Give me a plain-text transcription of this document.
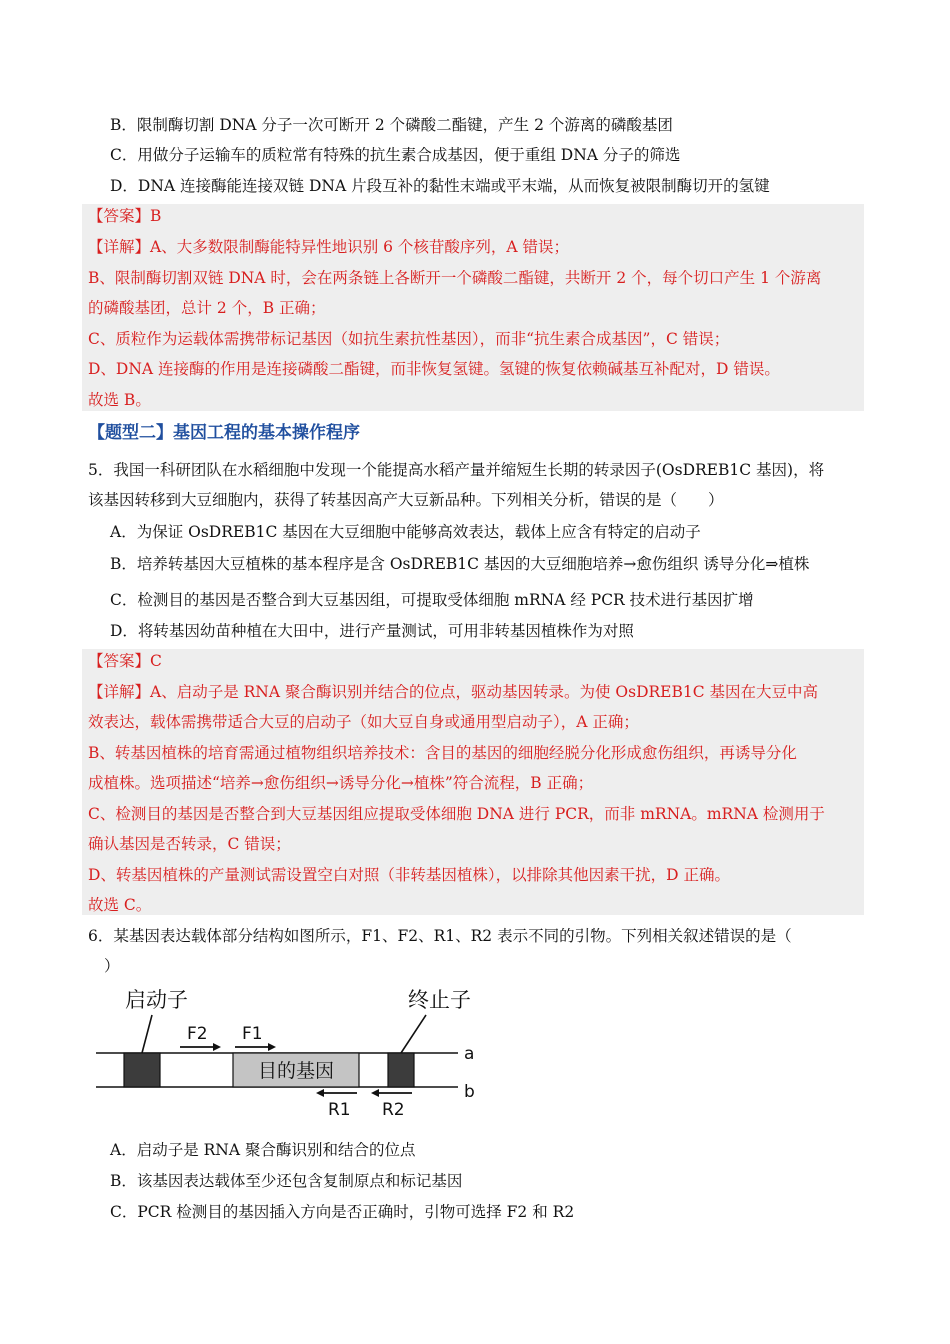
B．限制酶切割 DNA 分子一次可断开 2 个磷酸二酯键，产生 2 个游离的磷酸基团
C．用做分子运输车的质粒常有特殊的抗生素合成基因，便于重组 DNA 分子的筛选
D．DNA 连接酶能连接双链 DNA 片段互补的黏性末端或平末端，从而恢复被限制酶切开的氢键
【答案】B
【详解】A、大多数限制酶能特异性地识别 6 个核苷酸序列，A 错误；
B、限制酶切割双链 DNA 时，会在两条链上各断开一个磷酸二酯键，共断开 2 个，每个切口产生 1 个游离
的磷酸基团，总计 2 个，B 正确；
C、质粒作为运载体需携带标记基因（如抗生素抗性基因），而非“抗生素合成基因”，C 错误；
D、DNA 连接酶的作用是连接磷酸二酯键，而非恢复氢键。氢键的恢复依赖碱基互补配对，D 错误。
故选 B。
【题型二】基因工程的基本操作程序
5．我国一科研团队在水稻细胞中发现一个能提高水稻产量并缩短生长期的转录因子(OsDREB1C 基因)，将
该基因转移到大豆细胞内，获得了转基因高产大豆新品种。下列相关分析，错误的是（　　）
A．为保证 OsDREB1C 基因在大豆细胞中能够高效表达，载体上应含有特定的启动子
B．培养转基因大豆植株的基本程序是含 OsDREB1C 基因的大豆细胞培养→愈伤组织 诱导分化⇒植株
C．检测目的基因是否整合到大豆基因组，可提取受体细胞 mRNA 经 PCR 技术进行基因扩增
D．将转基因幼苗种植在大田中，进行产量测试，可用非转基因植株作为对照
【答案】C
【详解】A、启动子是 RNA 聚合酶识别并结合的位点，驱动基因转录。为使 OsDREB1C 基因在大豆中高
效表达，载体需携带适合大豆的启动子（如大豆自身或通用型启动子），A 正确；
B、转基因植株的培育需通过植物组织培养技术：含目的基因的细胞经脱分化形成愈伤组织，再诱导分化
成植株。选项描述“培养→愈伤组织→诱导分化→植株”符合流程，B 正确；
C、检测目的基因是否整合到大豆基因组应提取受体细胞 DNA 进行 PCR，而非 mRNA。mRNA 检测用于
确认基因是否转录，C 错误；
D、转基因植株的产量测试需设置空白对照（非转基因植株），以排除其他因素干扰，D 正确。
故选 C。
6．某基因表达载体部分结构如图所示，F1、F2、R1、R2 表示不同的引物。下列相关叙述错误的是（
）
启动子	终止子
F2 F1
a
b
目的基因
R1 R2
A．启动子是 RNA 聚合酶识别和结合的位点
B．该基因表达载体至少还包含复制原点和标记基因
C．PCR 检测目的基因插入方向是否正确时，引物可选择 F2 和 R2
